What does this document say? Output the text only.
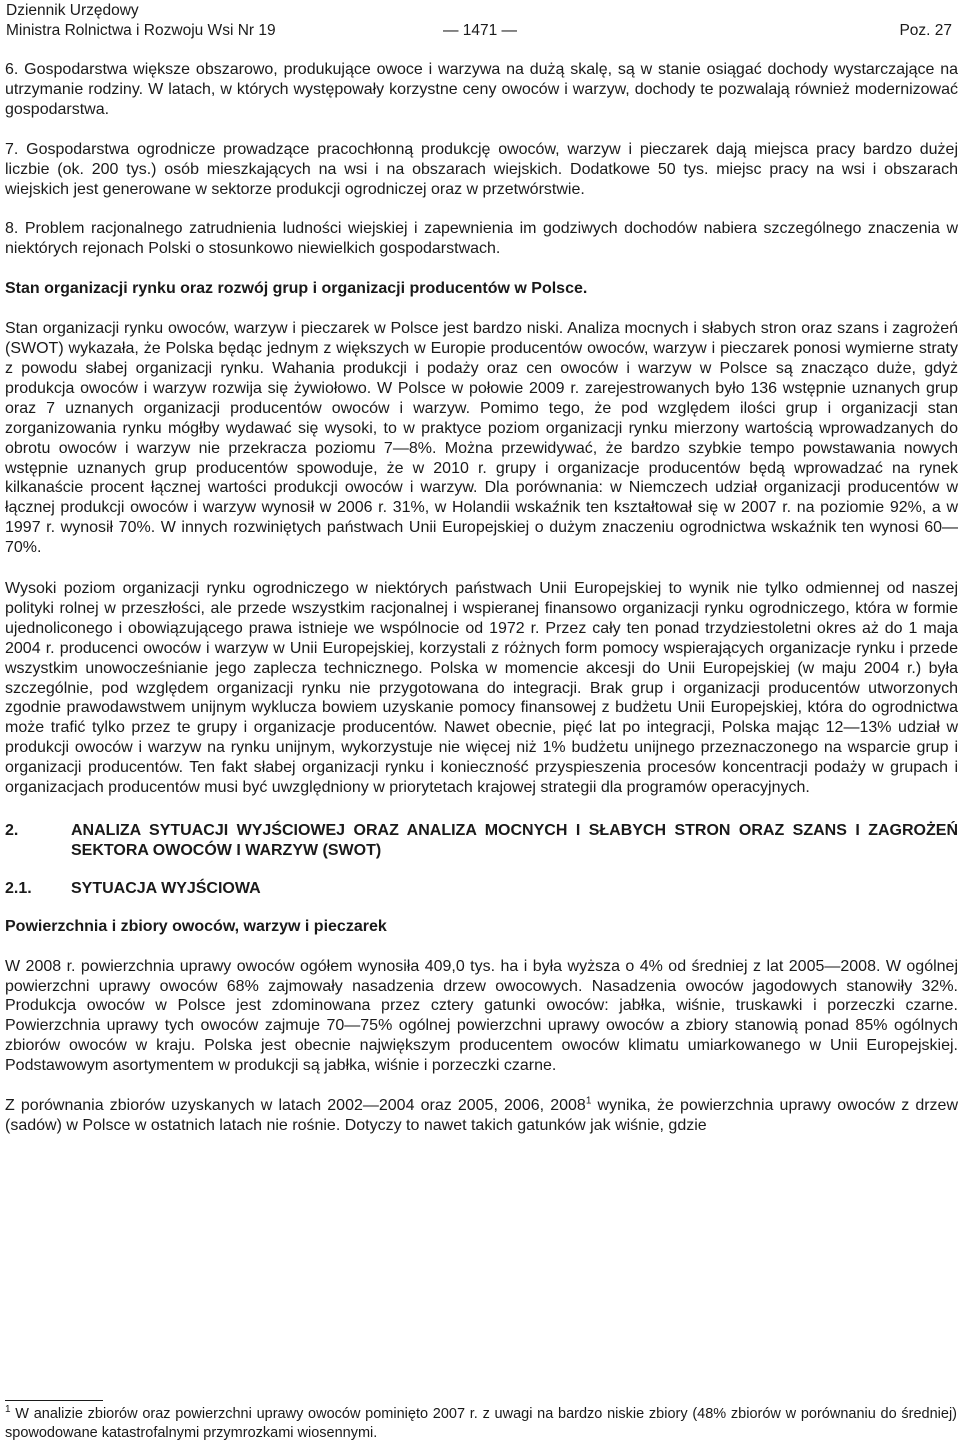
Dziennik Urzędowy
Ministra Rolnictwa i Rozwoju Wsi Nr 19	— 1471 —	Poz. 27

6. Gospodarstwa większe obszarowo, produkujące owoce i warzywa na dużą skalę, są w stanie osiągać dochody wystarczające na utrzymanie rodziny. W latach, w których występowały korzystne ceny owoców i warzyw, dochody te pozwalają również modernizować gospodarstwa.

7. Gospodarstwa ogrodnicze prowadzące pracochłonną produkcję owoców, warzyw i pieczarek dają miejsca pracy bardzo dużej liczbie (ok. 200 tys.) osób mieszkających na wsi i na obszarach wiejskich. Dodatkowe 50 tys. miejsc pracy na wsi i obszarach wiejskich jest generowane w sektorze produkcji ogrodniczej oraz w przetwórstwie.

8. Problem racjonalnego zatrudnienia ludności wiejskiej i zapewnienia im godziwych dochodów nabiera szczególnego znaczenia w niektórych rejonach Polski o stosunkowo niewielkich gospodarstwach.

Stan organizacji rynku oraz rozwój grup i organizacji producentów w Polsce.

Stan organizacji rynku owoców, warzyw i pieczarek w Polsce jest bardzo niski. Analiza mocnych i słabych stron oraz szans i zagrożeń (SWOT) wykazała, że Polska będąc jednym z większych w Europie producentów owoców, warzyw i pieczarek ponosi wymierne straty z powodu słabej organizacji rynku. Wahania produkcji i podaży oraz cen owoców i warzyw w Polsce są znacząco duże, gdyż produkcja owoców i warzyw rozwija się żywiołowo. W Polsce w połowie 2009 r. zarejestrowanych było 136 wstępnie uznanych grup oraz 7 uznanych organizacji producentów owoców i warzyw. Pomimo tego, że pod względem ilości grup i organizacji stan zorganizowania rynku mógłby wydawać się wysoki, to w praktyce poziom organizacji rynku mierzony wartością wprowadzanych do obrotu owoców i warzyw nie przekracza poziomu 7—8%. Można przewidywać, że bardzo szybkie tempo powstawania nowych wstępnie uznanych grup producentów spowoduje, że w 2010 r. grupy i organizacje producentów będą wprowadzać na rynek kilkanaście procent łącznej wartości produkcji owoców i warzyw. Dla porównania: w Niemczech udział organizacji producentów w łącznej produkcji owoców i warzyw wynosił w 2006 r. 31%, w Holandii wskaźnik ten kształtował się w 2007 r. na poziomie 92%, a w 1997 r. wynosił 70%. W innych rozwiniętych państwach Unii Europejskiej o dużym znaczeniu ogrodnictwa wskaźnik ten wynosi 60—70%.

Wysoki poziom organizacji rynku ogrodniczego w niektórych państwach Unii Europejskiej to wynik nie tylko odmiennej od naszej polityki rolnej w przeszłości, ale przede wszystkim racjonalnej i wspieranej finansowo organizacji rynku ogrodniczego, która w formie ujednoliconego i obowiązującego prawa istnieje we wspólnocie od 1972 r. Przez cały ten ponad trzydziestoletni okres aż do 1 maja 2004 r. producenci owoców i warzyw w Unii Europejskiej, korzystali z różnych form pomocy wspierających organizacje rynku i przede wszystkim unowocześnianie jego zaplecza technicznego. Polska w momencie akcesji do Unii Europejskiej (w maju 2004 r.) była szczególnie, pod względem organizacji rynku nie przygotowana do integracji. Brak grup i organizacji producentów utworzonych zgodnie prawodawstwem unijnym wyklucza bowiem uzyskanie pomocy finansowej z budżetu Unii Europejskiej, która do ogrodnictwa może trafić tylko przez te grupy i organizacje producentów. Nawet obecnie, pięć lat po integracji, Polska mając 12—13% udział w produkcji owoców i warzyw na rynku unijnym, wykorzystuje nie więcej niż 1% budżetu unijnego przeznaczonego na wsparcie grup i organizacji producentów. Ten fakt słabej organizacji rynku i konieczność przyspieszenia procesów koncentracji podaży w grupach i organizacjach producentów musi być uwzględniony w priorytetach krajowej strategii dla programów operacyjnych.

2.	ANALIZA SYTUACJI WYJŚCIOWEJ ORAZ ANALIZA MOCNYCH I SŁABYCH STRON ORAZ SZANS I ZAGROŻEŃ SEKTORA OWOCÓW I WARZYW (SWOT)
2.1.	SYTUACJA WYJŚCIOWA

Powierzchnia i zbiory owoców, warzyw i pieczarek

W 2008 r. powierzchnia uprawy owoców ogółem wynosiła 409,0 tys. ha i była wyższa o 4% od średniej z lat 2005—2008. W ogólnej powierzchni uprawy owoców 68% zajmowały nasadzenia drzew owocowych. Nasadzenia owoców jagodowych stanowiły 32%. Produkcja owoców w Polsce jest zdominowana przez cztery gatunki owoców: jabłka, wiśnie, truskawki i porzeczki czarne. Powierzchnia uprawy tych owoców zajmuje 70—75% ogólnej powierzchni uprawy owoców a zbiory stanowią ponad 85% ogólnych zbiorów owoców w kraju. Polska jest obecnie największym producentem owoców klimatu umiarkowanego w Unii Europejskiej. Podstawowym asortymentem w produkcji są jabłka, wiśnie i porzeczki czarne.

Z porównania zbiorów uzyskanych w latach 2002—2004 oraz 2005, 2006, 2008$^1$ wynika, że powierzchnia uprawy owoców z drzew (sadów) w Polsce w ostatnich latach nie rośnie. Dotyczy to nawet takich gatunków jak wiśnie, gdzie

$^1$ W analizie zbiorów oraz powierzchni uprawy owoców pominięto 2007 r. z uwagi na bardzo niskie zbiory (48% zbiorów w porównaniu do średniej) spowodowane katastrofalnymi przymrozkami wiosennymi.
